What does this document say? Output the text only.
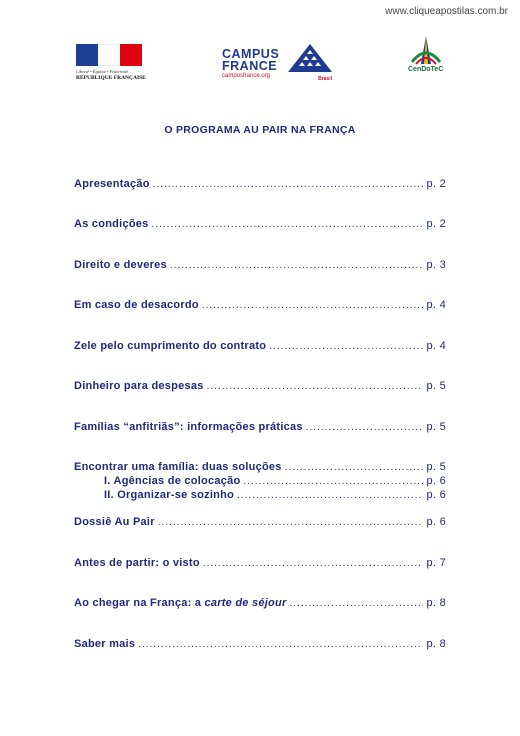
www.cliqueapostilas.com.br
Liberté • Égalité • Fraternité
RÉPUBLIQUE FRANÇAISE
CAMPUS
FRANCE
campusfrance.org	Brasil
CenDoTeC
O PROGRAMA AU PAIR NA FRANÇA
Apresentação .....	p. 2
As condições .....	p. 2
Direito e deveres .....	p. 3
Em caso de desacordo .....	p. 4
Zele pelo cumprimento do contrato .....	p. 4
Dinheiro para despesas .....	p. 5
Famílias “anfitriãs”: informações práticas .....	p. 5
Encontrar uma família: duas soluções .....	p. 5
I. Agências de colocação .....	p. 6
II. Organizar-se sozinho .....	p. 6
Dossiê Au Pair .....	p. 6
Antes de partir: o visto .....	p. 7
Ao chegar na França: a carte de séjour .....	p. 8
Saber mais .....	p. 8
